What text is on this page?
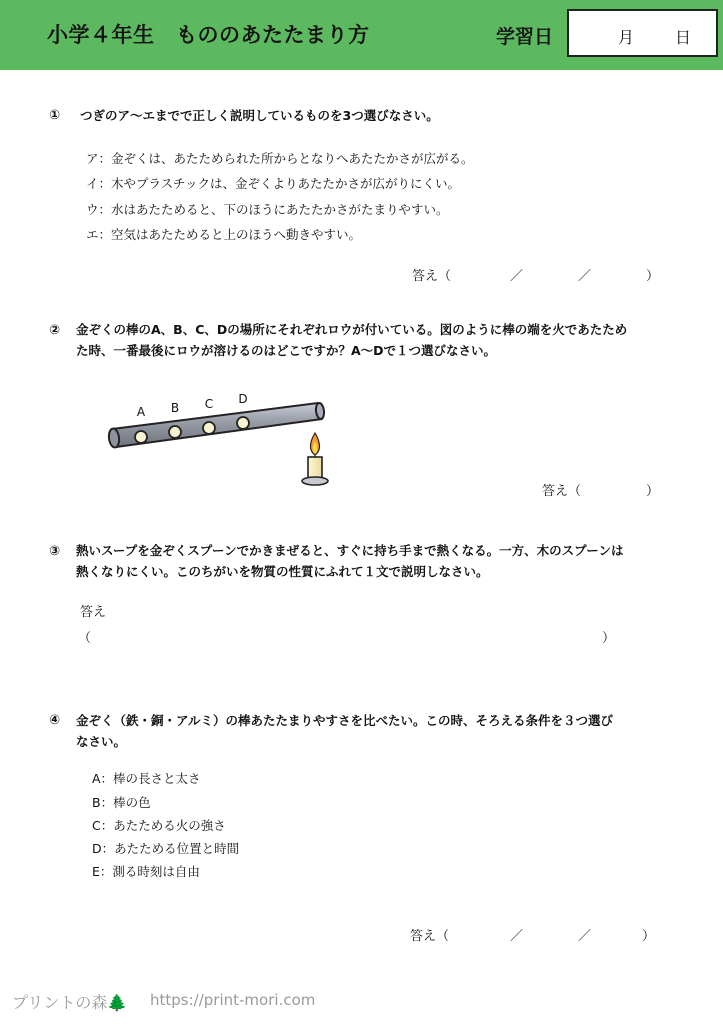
小学４年生　もののあたたまり方	学習日	月	日
① つぎのア〜エまでで正しく説明しているものを3つ選びなさい。
ア：金ぞくは、あたためられた所からとなりへあたたかさが広がる。
イ：木やプラスチックは、金ぞくよりあたたかさが広がりにくい。
ウ：水はあたためると、下のほうにあたたかさがたまりやすい。
エ：空気はあたためると上のほうへ動きやすい。
答え（	／	／	）
② 金ぞくの棒のA、B、C、Dの場所にそれぞれロウが付いている。図のように棒の端を火であたため
た時、一番最後にロウが溶けるのはどこですか？A〜Dで１つ選びなさい。
A B C D
答え（	）
③ 熱いスープを金ぞくスプーンでかきまぜると、すぐに持ち手まで熱くなる。一方、木のスプーンは
熱くなりにくい。このちがいを物質の性質にふれて１文で説明しなさい。
答え
（	）
④ 金ぞく（鉄・銅・アルミ）の棒あたたまりやすさを比べたい。この時、そろえる条件を３つ選び
なさい。
A：棒の長さと太さ
B：棒の色
C：あたためる火の強さ
D：あたためる位置と時間
E：測る時刻は自由
答え（	／	／	）
プリントの森🌲 https://print-mori.com
